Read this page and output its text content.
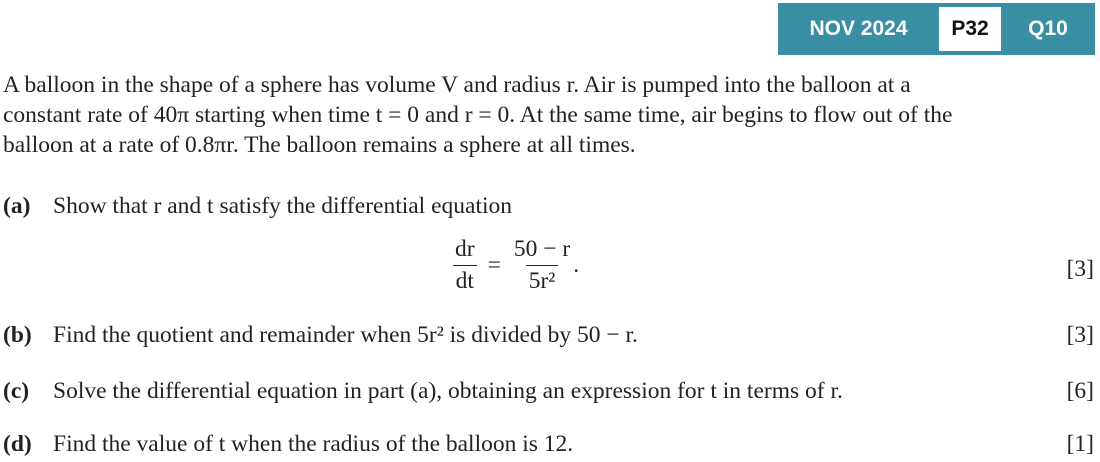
NOV 2024	P32	Q10
A balloon in the shape of a sphere has volume V and radius r. Air is pumped into the balloon at a
constant rate of 40π starting when time t = 0 and r = 0. At the same time, air begins to flow out of the
balloon at a rate of 0.8πr. The balloon remains a sphere at all times.
(a) Show that r and t satisfy the differential equation
$\frac{dr}{dt} = \frac{50 - r}{\text{5r²}}$ .	[3]
(b) Find the quotient and remainder when 5r² is divided by 50 − r.	[3]
(c) Solve the differential equation in part (a), obtaining an expression for t in terms of r.	[6]
(d) Find the value of t when the radius of the balloon is 12.	[1]
